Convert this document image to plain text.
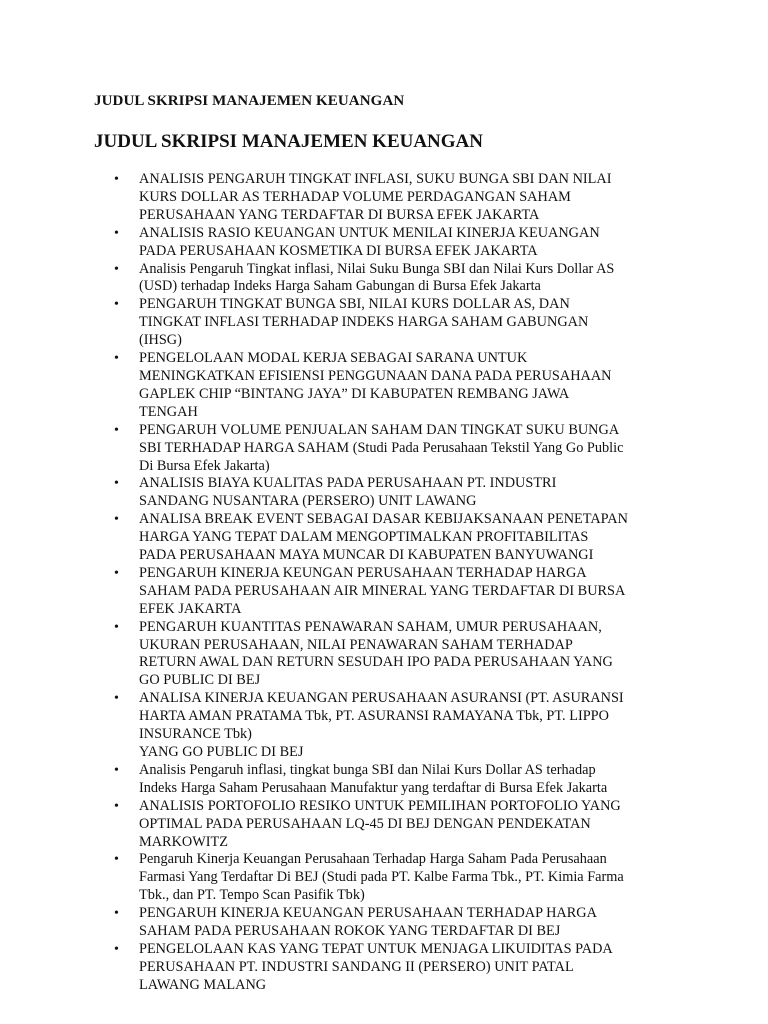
JUDUL SKRIPSI MANAJEMEN KEUANGAN
JUDUL SKRIPSI MANAJEMEN KEUANGAN
• ANALISIS PENGARUH TINGKAT INFLASI, SUKU BUNGA SBI DAN NILAI
KURS DOLLAR AS TERHADAP VOLUME PERDAGANGAN SAHAM
PERUSAHAAN YANG TERDAFTAR DI BURSA EFEK JAKARTA
• ANALISIS RASIO KEUANGAN UNTUK MENILAI KINERJA KEUANGAN
PADA PERUSAHAAN KOSMETIKA DI BURSA EFEK JAKARTA
• Analisis Pengaruh Tingkat inflasi, Nilai Suku Bunga SBI dan Nilai Kurs Dollar AS
(USD) terhadap Indeks Harga Saham Gabungan di Bursa Efek Jakarta
• PENGARUH TINGKAT BUNGA SBI, NILAI KURS DOLLAR AS, DAN
TINGKAT INFLASI TERHADAP INDEKS HARGA SAHAM GABUNGAN
(IHSG)
• PENGELOLAAN MODAL KERJA SEBAGAI SARANA UNTUK
MENINGKATKAN EFISIENSI PENGGUNAAN DANA PADA PERUSAHAAN
GAPLEK CHIP “BINTANG JAYA” DI KABUPATEN REMBANG JAWA
TENGAH
• PENGARUH VOLUME PENJUALAN SAHAM DAN TINGKAT SUKU BUNGA
SBI TERHADAP HARGA SAHAM (Studi Pada Perusahaan Tekstil Yang Go Public
Di Bursa Efek Jakarta)
• ANALISIS BIAYA KUALITAS PADA PERUSAHAAN PT. INDUSTRI
SANDANG NUSANTARA (PERSERO) UNIT LAWANG
• ANALISA BREAK EVENT SEBAGAI DASAR KEBIJAKSANAAN PENETAPAN
HARGA YANG TEPAT DALAM MENGOPTIMALKAN PROFITABILITAS
PADA PERUSAHAAN MAYA MUNCAR DI KABUPATEN BANYUWANGI
• PENGARUH KINERJA KEUNGAN PERUSAHAAN TERHADAP HARGA
SAHAM PADA PERUSAHAAN AIR MINERAL YANG TERDAFTAR DI BURSA
EFEK JAKARTA
• PENGARUH KUANTITAS PENAWARAN SAHAM, UMUR PERUSAHAAN,
UKURAN PERUSAHAAN, NILAI PENAWARAN SAHAM TERHADAP
RETURN AWAL DAN RETURN SESUDAH IPO PADA PERUSAHAAN YANG
GO PUBLIC DI BEJ
• ANALISA KINERJA KEUANGAN PERUSAHAAN ASURANSI (PT. ASURANSI
HARTA AMAN PRATAMA Tbk, PT. ASURANSI RAMAYANA Tbk, PT. LIPPO
INSURANCE Tbk)
YANG GO PUBLIC DI BEJ
• Analisis Pengaruh inflasi, tingkat bunga SBI dan Nilai Kurs Dollar AS terhadap
Indeks Harga Saham Perusahaan Manufaktur yang terdaftar di Bursa Efek Jakarta
• ANALISIS PORTOFOLIO RESIKO UNTUK PEMILIHAN PORTOFOLIO YANG
OPTIMAL PADA PERUSAHAAN LQ-45 DI BEJ DENGAN PENDEKATAN
MARKOWITZ
• Pengaruh Kinerja Keuangan Perusahaan Terhadap Harga Saham Pada Perusahaan
Farmasi Yang Terdaftar Di BEJ (Studi pada PT. Kalbe Farma Tbk., PT. Kimia Farma
Tbk., dan PT. Tempo Scan Pasifik Tbk)
• PENGARUH KINERJA KEUANGAN PERUSAHAAN TERHADAP HARGA
SAHAM PADA PERUSAHAAN ROKOK YANG TERDAFTAR DI BEJ
• PENGELOLAAN KAS YANG TEPAT UNTUK MENJAGA LIKUIDITAS PADA
PERUSAHAAN PT. INDUSTRI SANDANG II (PERSERO) UNIT PATAL
LAWANG MALANG
